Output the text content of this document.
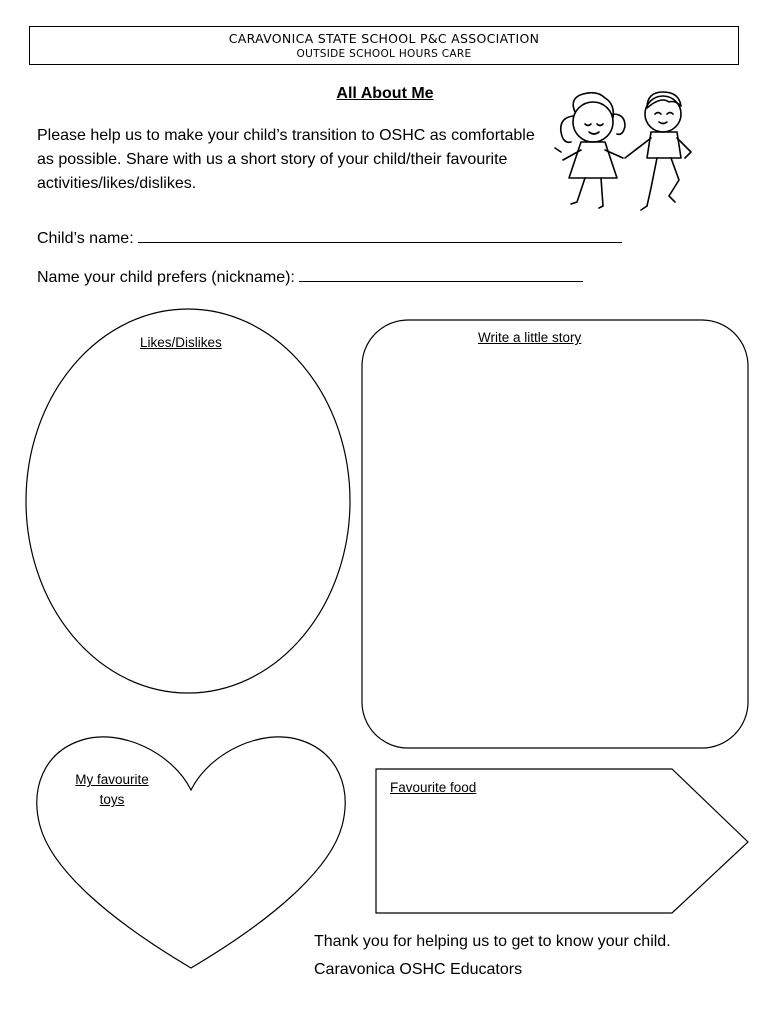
CARAVONICA STATE SCHOOL P&C ASSOCIATION
OUTSIDE SCHOOL HOURS CARE
All About Me
Please help us to make your child’s transition to OSHC as comfortable as possible. Share with us a short story of your child/their favourite activities/likes/dislikes.
Child’s name:
Name your child prefers (nickname):
Likes/Dislikes	Write a little story
My favourite toys
Favourite food
Thank you for helping us to get to know your child.
Caravonica OSHC Educators
